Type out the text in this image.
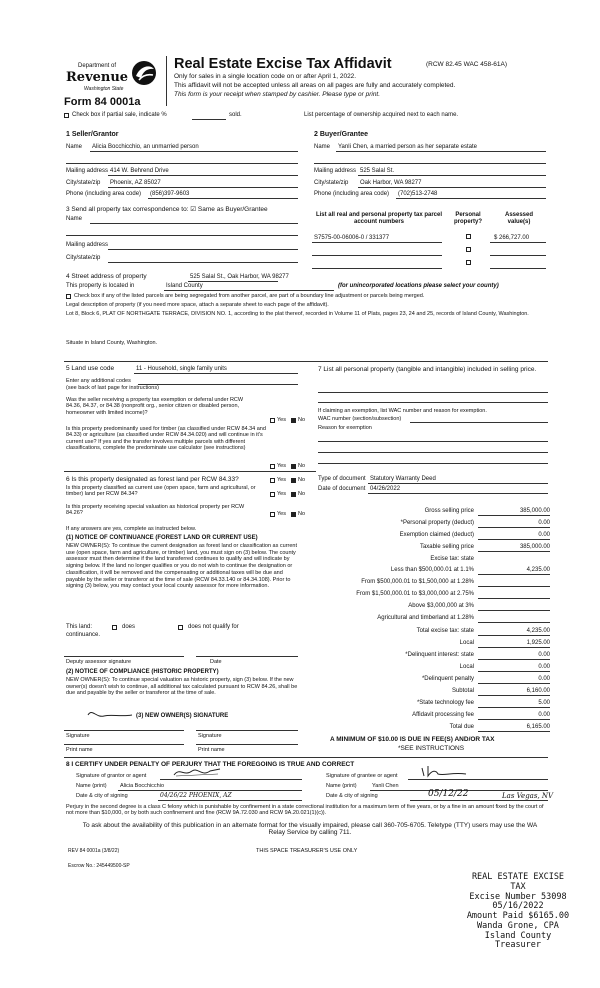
Department of
Revenue
Washington State
Form 84 0001a
Real Estate Excise Tax Affidavit	(RCW 82.45 WAC 458-61A)
Only for sales in a single location code on or after April 1, 2022.
This affidavit will not be accepted unless all areas on all pages are fully and accurately completed.
This form is your receipt when stamped by cashier. Please type or print.
Check box if partial sale, indicate %	sold.	List percentage of ownership acquired next to each name.
1 Seller/Grantor
Name Alicia Bocchicchio, an unmarried person
Mailing address 414 W. Behrend Drive
City/state/zip Phoenix, AZ 85027
Phone (including area code) (856)397-9603
2 Buyer/Grantee
Name Yanli Chen, a married person as her separate estate
Mailing address 525 Salal St.
City/state/zip Oak Harbor, WA 98277
Phone (including area code) (702)513-2748
3 Send all property tax correspondence to: ☑ Same as Buyer/Grantee
Name
Mailing address
City/state/zip
List all real and personal property tax parcel account numbers
Personal property?
Assessed value(s)
S7575-00-06006-0 / 331377	$ 266,727.00
4 Street address of property	525 Salal St., Oak Harbor, WA 98277
This property is located in	Island County	(for unincorporated locations please select your county)
Check box if any of the listed parcels are being segregated from another parcel, are part of a boundary line adjustment or parcels being merged.
Legal description of property (if you need more space, attach a separate sheet to each page of the affidavit).
Lot 8, Block 6, PLAT OF NORTHGATE TERRACE, DIVISION NO. 1, according to the plat thereof, recorded in Volume 11 of Plats, pages 23, 24 and 25, records of Island County, Washington.
Situate in Island County, Washington.
5 Land use code	11 - Household, single family units
Enter any additional codes
(see back of last page for instructions)
Was the seller receiving a property tax exemption or deferral under RCW 84.36, 84.37, or 84.38 (nonprofit org., senior citizen or disabled person, homeowner with limited income)?
Yes No
Is this property predominantly used for timber (as classified under RCW 84.34 and 84.33) or agriculture (as classified under RCW 84.34.020) and will continue in it's current use? If yes and the transfer involves multiple parcels with different classifications, complete the predominate use calculator (see instructions)
Yes No
7 List all personal property (tangible and intangible) included in selling price.
If claiming an exemption, list WAC number and reason for exemption.
WAC number (section/subsection)
Reason for exemption
Type of document Statutory Warranty Deed
Date of document 04/26/2022
6 Is this property designated as forest land per RCW 84.33?	Yes No
Is this property classified as current use (open space, farm and agricultural, or timber) land per RCW 84.34?	Yes No
Is this property receiving special valuation as historical property per RCW 84.26?	Yes No
If any answers are yes, complete as instructed below.
(1) NOTICE OF CONTINUANCE (FOREST LAND OR CURRENT USE)
NEW OWNER(S): To continue the current designation as forest land or classification as current use (open space, farm and agriculture, or timber) land, you must sign on (3) below. The county assessor must then determine if the land transferred continues to qualify and will indicate by signing below. If the land no longer qualifies or you do not wish to continue the designation or classification, it will be removed and the compensating or additional taxes will be due and payable by the seller or transferor at the time of sale (RCW 84.33.140 or 84.34.108). Prior to signing (3) below, you may contact your local county assessor for more information.
This land:	does	does not qualify for
continuance.
Deputy assessor signature	Date
(2) NOTICE OF COMPLIANCE (HISTORIC PROPERTY)
NEW OWNER(S): To continue special valuation as historic property, sign (3) below. If the new owner(s) doesn't wish to continue, all additional tax calculated pursuant to RCW 84.26, shall be due and payable by the seller or transferor at the time of sale.
(3) NEW OWNER(S) SIGNATURE
Signature	Signature
Print name	Print name
Gross selling price	385,000.00
*Personal property (deduct)	0.00
Exemption claimed (deduct)	0.00
Taxable selling price	385,000.00
Excise tax: state
Less than $500,000.01 at 1.1%	4,235.00
From $500,000.01 to $1,500,000 at 1.28%
From $1,500,000.01 to $3,000,000 at 2.75%
Above $3,000,000 at 3%
Agricultural and timberland at 1.28%
Total excise tax: state	4,235.00
Local	1,925.00
*Delinquent interest: state	0.00
Local	0.00
*Delinquent penalty	0.00
Subtotal	6,160.00
*State technology fee	5.00
Affidavit processing fee	0.00
Total due	6,165.00
A MINIMUM OF $10.00 IS DUE IN FEE(S) AND/OR TAX
*SEE INSTRUCTIONS
8 I CERTIFY UNDER PENALTY OF PERJURY THAT THE FOREGOING IS TRUE AND CORRECT
Signature of grantor or agent
Name (print) Alicia Bocchicchio
Date & city of signing	04/26/22 PHOENIX, AZ
Signature of grantee or agent
Name (print)	Yanli Chen
Date & city of signing	05/12/22	Las Vegas, NV
Perjury in the second degree is a class C felony which is punishable by confinement in a state correctional institution for a maximum term of five years, or by a fine in an amount fixed by the court of not more than $10,000, or by both such confinement and fine (RCW 9A.72.030 and RCW 9A.20.021(1)(c)).
To ask about the availability of this publication in an alternate format for the visually impaired, please call 360-705-6705. Teletype (TTY) users may use the WA Relay Service by calling 711.
REV 84 0001a (3/8/22)	THIS SPACE TREASURER'S USE ONLY
Escrow No.: 245449500-SP
REAL ESTATE EXCISE TAX
Excise Number 53098
05/16/2022
Amount Paid $6165.00
Wanda Grone, CPA
Island County Treasurer
